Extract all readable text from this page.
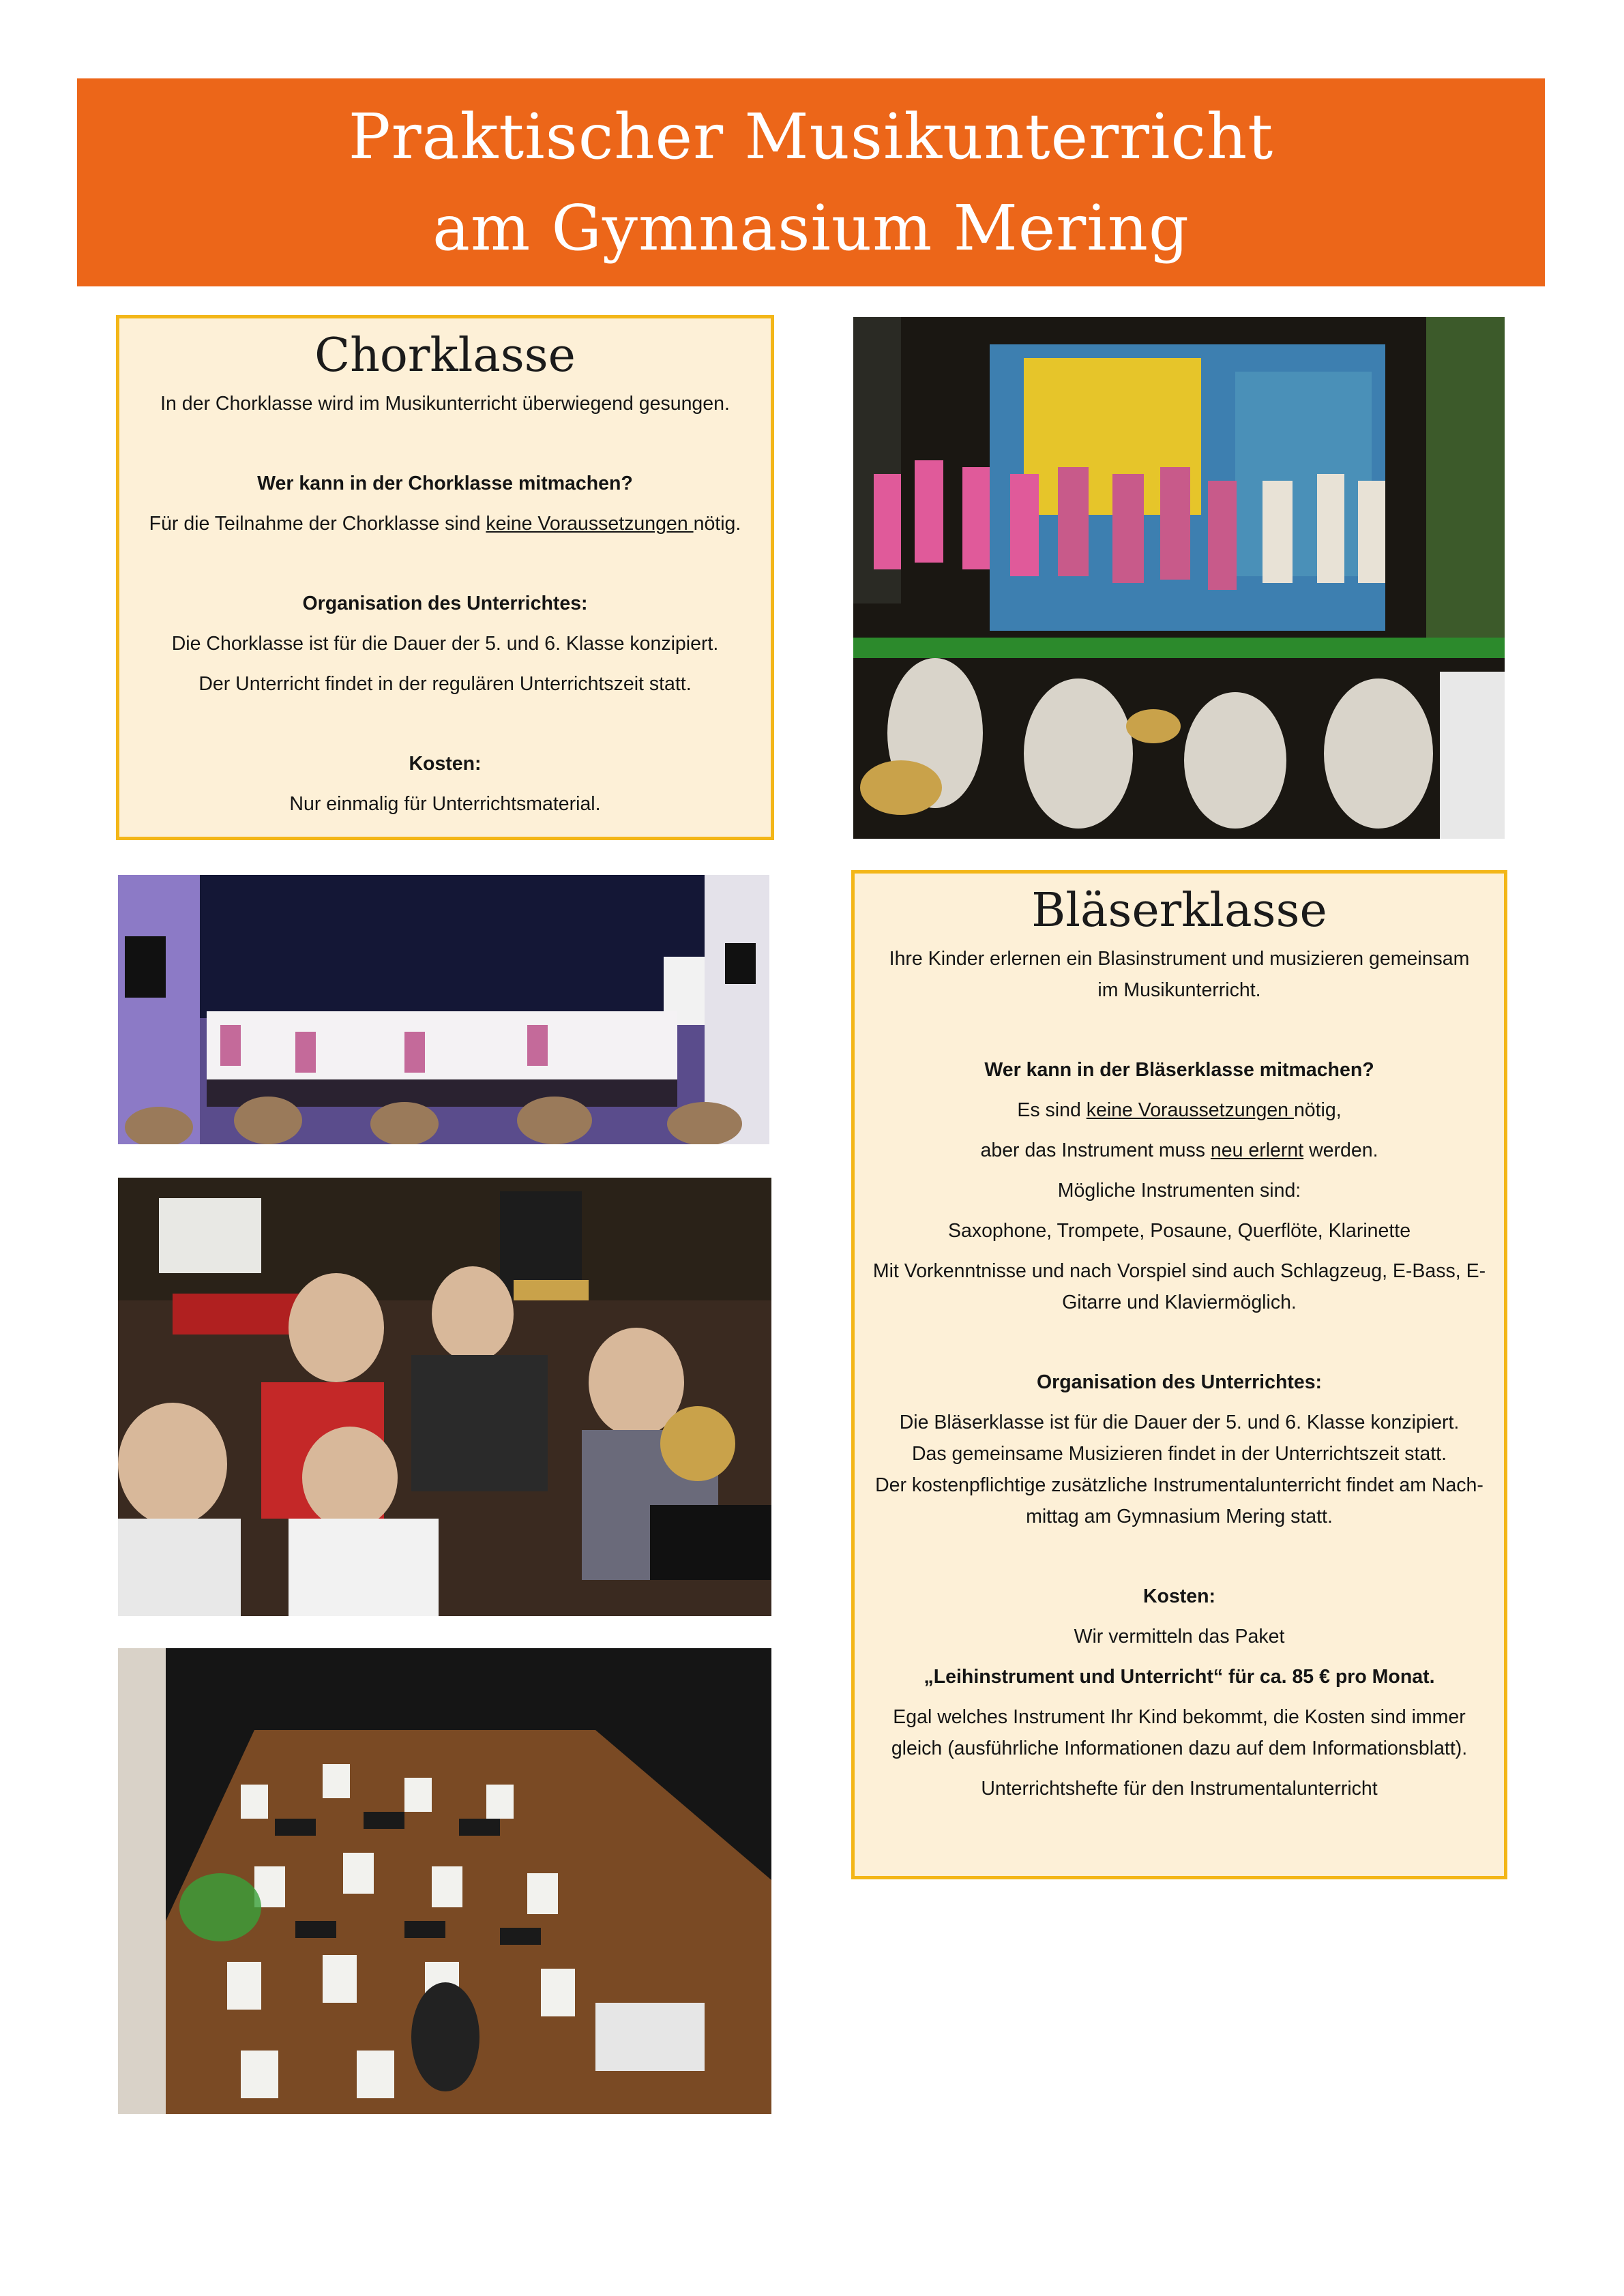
Praktischer Musikunterricht
am Gymnasium Mering
Chorklasse

In der Chorklasse wird im Musikunterricht überwiegend gesungen.

Wer kann in der Chorklasse mitmachen?

Für die Teilnahme der Chorklasse sind keine Voraussetzungen nötig.

Organisation des Unterrichtes:

Die Chorklasse ist für die Dauer der 5. und 6. Klasse konzipiert.

Der Unterricht findet in der regulären Unterrichtszeit statt.

Kosten:

Nur einmalig für Unterrichtsmaterial.

Bläserklasse

Ihre Kinder erlernen ein Blasinstrument und musizieren gemeinsam im Musikunterricht.

Wer kann in der Bläserklasse mitmachen?

Es sind keine Voraussetzungen nötig,

aber das Instrument muss neu erlernt werden.

Mögliche Instrumenten sind:

Saxophone, Trompete, Posaune, Querflöte, Klarinette

Mit Vorkenntnisse und nach Vorspiel sind auch Schlagzeug, E-Bass, E-Gitarre und Klaviermöglich.

Organisation des Unterrichtes:

Die Bläserklasse ist für die Dauer der 5. und 6. Klasse konzipiert.

Das gemeinsame Musizieren findet in der Unterrichtszeit statt.

Der kostenpflichtige zusätzliche Instrumentalunterricht findet am Nach-mittag am Gymnasium Mering statt.

Kosten:

Wir vermitteln das Paket

„Leihinstrument und Unterricht“ für ca. 85 € pro Monat.

Egal welches Instrument Ihr Kind bekommt, die Kosten sind immer gleich (ausführliche Informationen dazu auf dem Informationsblatt).

Unterrichtshefte für den Instrumentalunterricht
